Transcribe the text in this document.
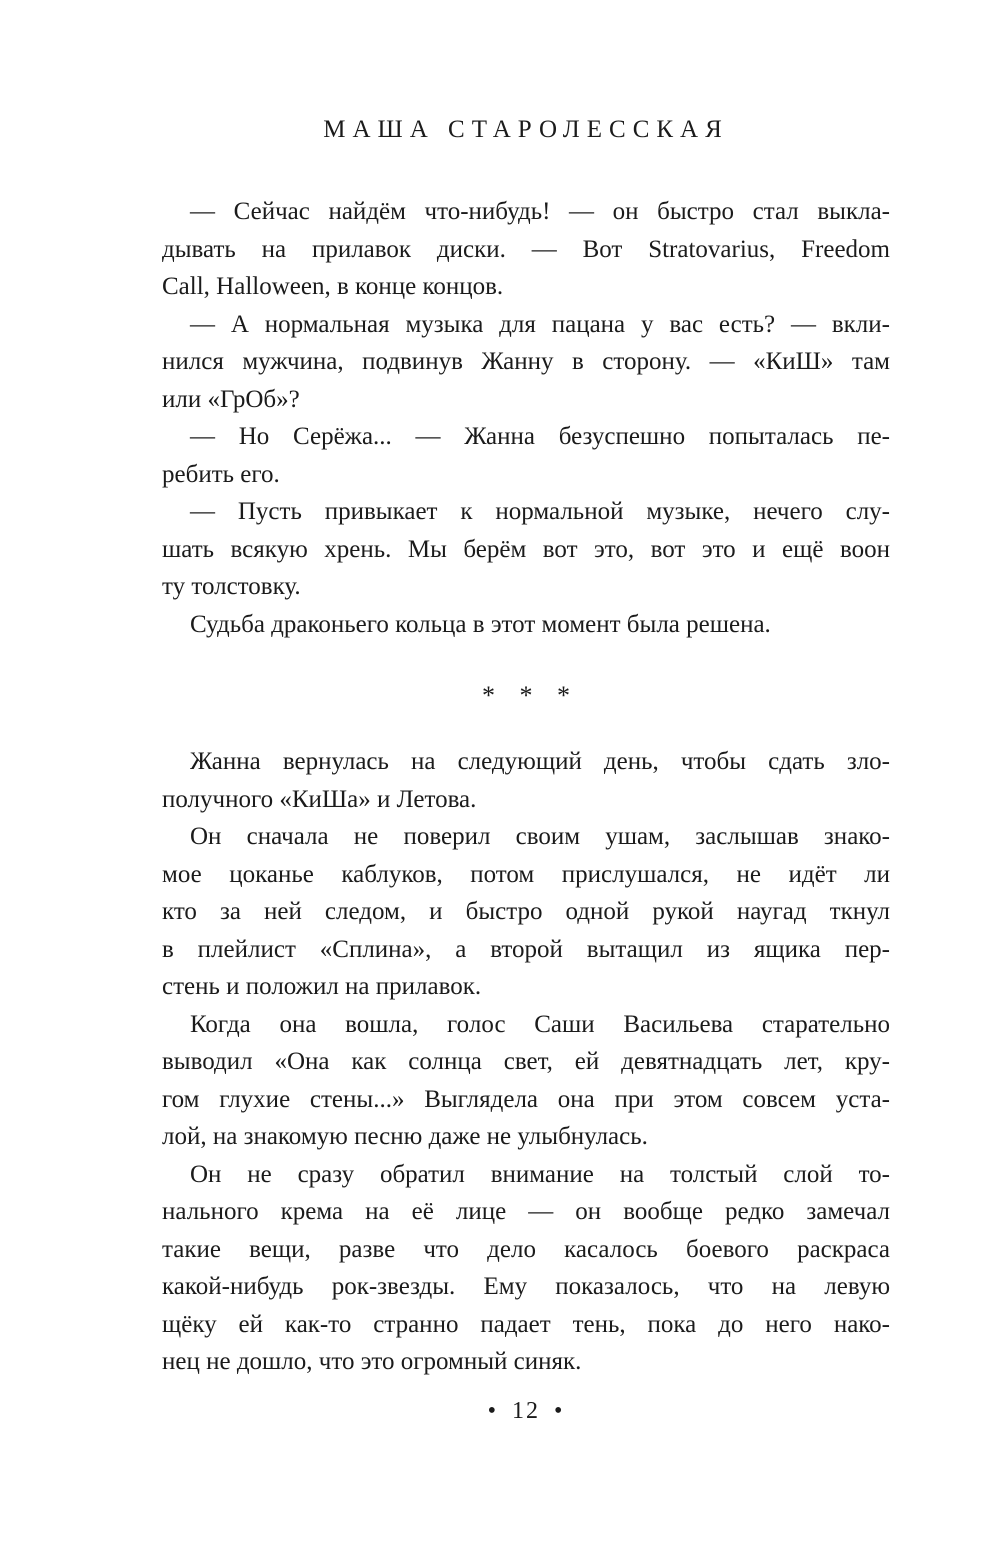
МАША СТАРОЛЕССКАЯ
— Сейчас найдём что-нибудь! — он быстро стал выкла-
дывать на прилавок диски. — Вот Stratovarius, Freedom
Call, Halloween, в конце концов.
— А нормальная музыка для пацана у вас есть? — вкли-
нился мужчина, подвинув Жанну в сторону. — «КиШ» там
или «ГрОб»?
— Но Серёжа... — Жанна безуспешно попыталась пе-
ребить его.
— Пусть привыкает к нормальной музыке, нечего слу-
шать всякую хрень. Мы берём вот это, вот это и ещё воон
ту толстовку.
Судьба драконьего кольца в этот момент была решена.
* * *
Жанна вернулась на следующий день, чтобы сдать зло-
получного «КиШа» и Летова.
Он сначала не поверил своим ушам, заслышав знако-
мое цоканье каблуков, потом прислушался, не идёт ли
кто за ней следом, и быстро одной рукой наугад ткнул
в плейлист «Сплина», а второй вытащил из ящика пер-
стень и положил на прилавок.
Когда она вошла, голос Саши Васильева старательно
выводил «Она как солнца свет, ей девятнадцать лет, кру-
гом глухие стены...» Выглядела она при этом совсем уста-
лой, на знакомую песню даже не улыбнулась.
Он не сразу обратил внимание на толстый слой то-
нального крема на её лице — он вообще редко замечал
такие вещи, разве что дело касалось боевого раскраса
какой-нибудь рок-звезды. Ему показалось, что на левую
щёку ей как-то странно падает тень, пока до него нако-
нец не дошло, что это огромный синяк.
• 12 •
